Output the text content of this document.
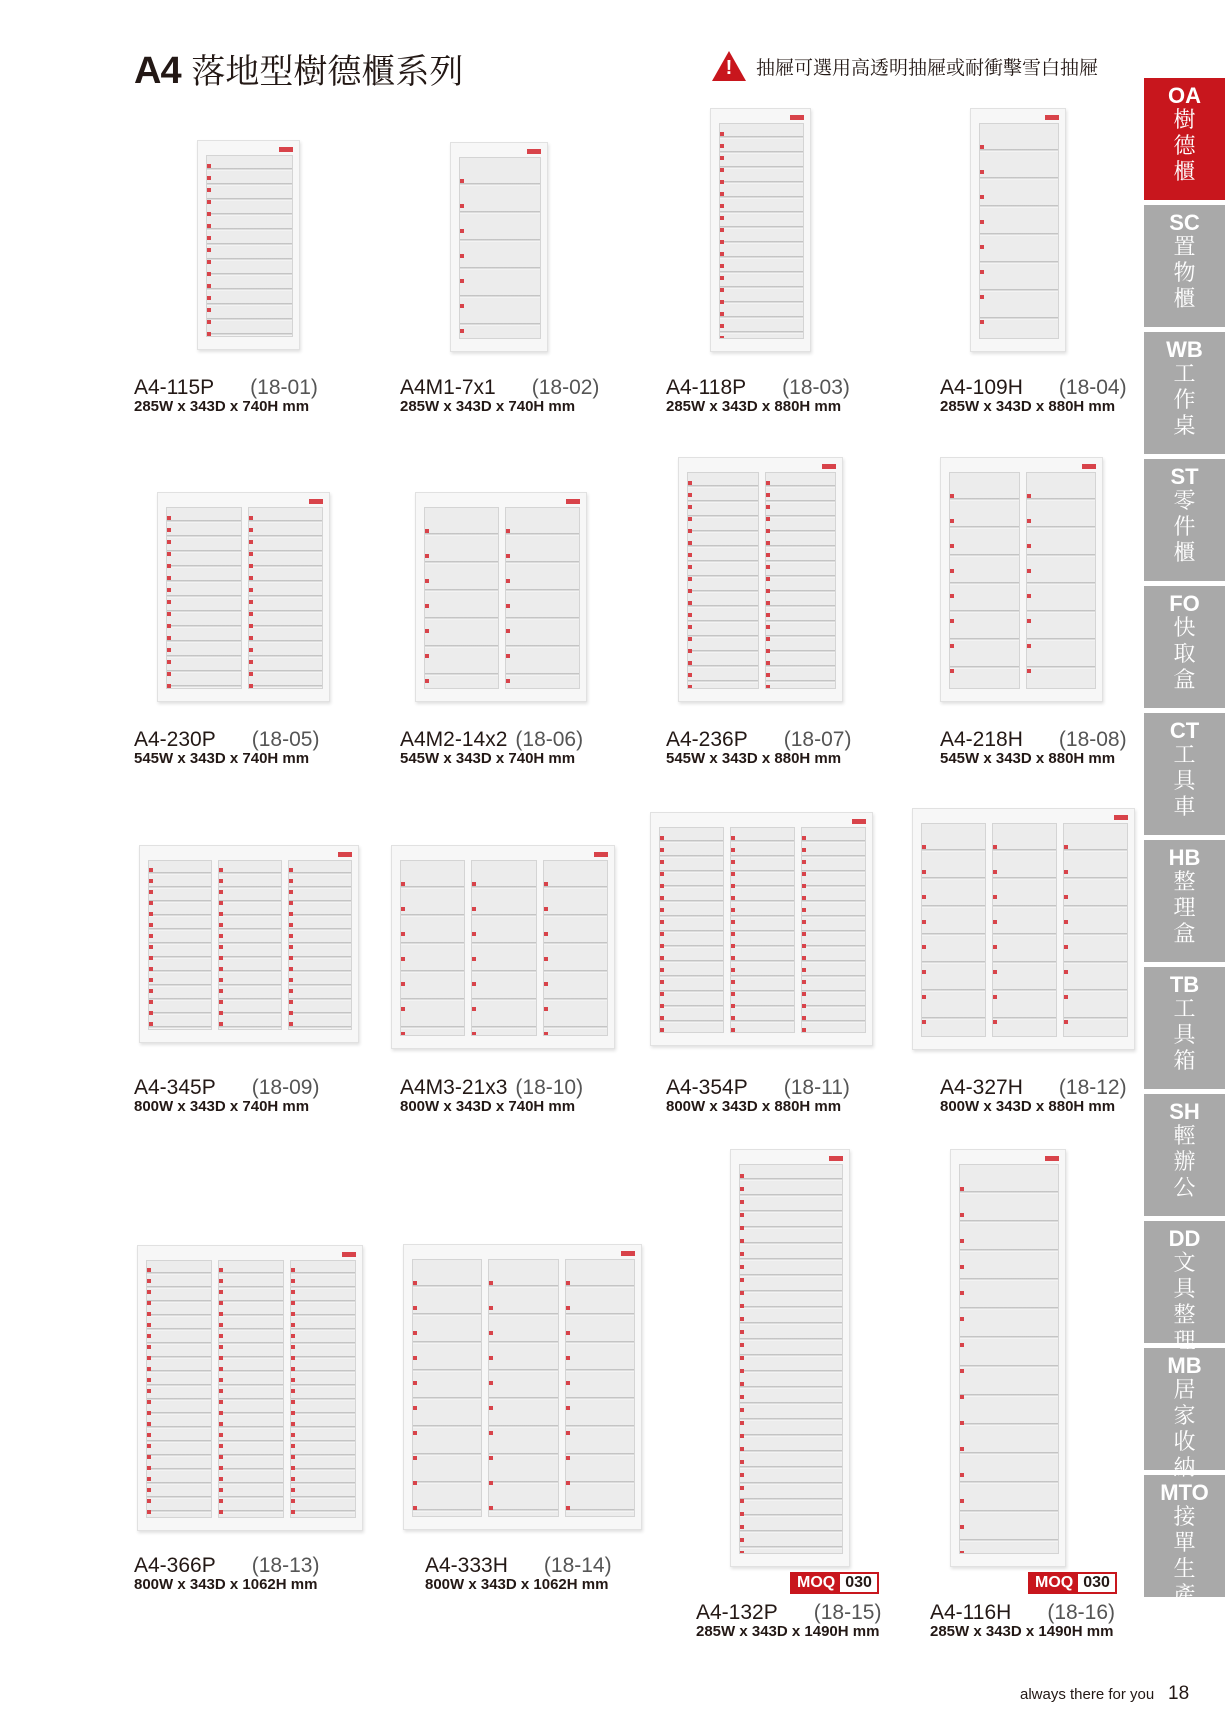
A4 落地型樹德櫃系列	! 抽屜可選用高透明抽屜或耐衝擊雪白抽屜
OA
樹德櫃
SC
置物櫃
WB
工作桌
ST
零件櫃
FO
快取盒
CT
工具車
HB
整理盒
TB
工具箱
SH
輕辦公
DD
文具整理
MB
居家收納
MTO
接單生產
A4-115P (18-01)
285W x 343D x 740H mm
A4M1-7x1 (18-02)
285W x 343D x 740H mm
A4-118P (18-03)
285W x 343D x 880H mm
A4-109H (18-04)
285W x 343D x 880H mm
A4-230P (18-05)
545W x 343D x 740H mm
A4M2-14x2 (18-06)
545W x 343D x 740H mm
A4-236P (18-07)
545W x 343D x 880H mm
A4-218H (18-08)
545W x 343D x 880H mm
A4-345P (18-09)
800W x 343D x 740H mm
A4M3-21x3 (18-10)
800W x 343D x 740H mm
A4-354P (18-11)
800W x 343D x 880H mm
A4-327H (18-12)
800W x 343D x 880H mm
A4-366P (18-13)
800W x 343D x 1062H mm
A4-333H (18-14)
800W x 343D x 1062H mm
A4-132P (18-15)
285W x 343D x 1490H mm
MOQ 030
A4-116H (18-16)
285W x 343D x 1490H mm
MOQ 030
always there for you 18
